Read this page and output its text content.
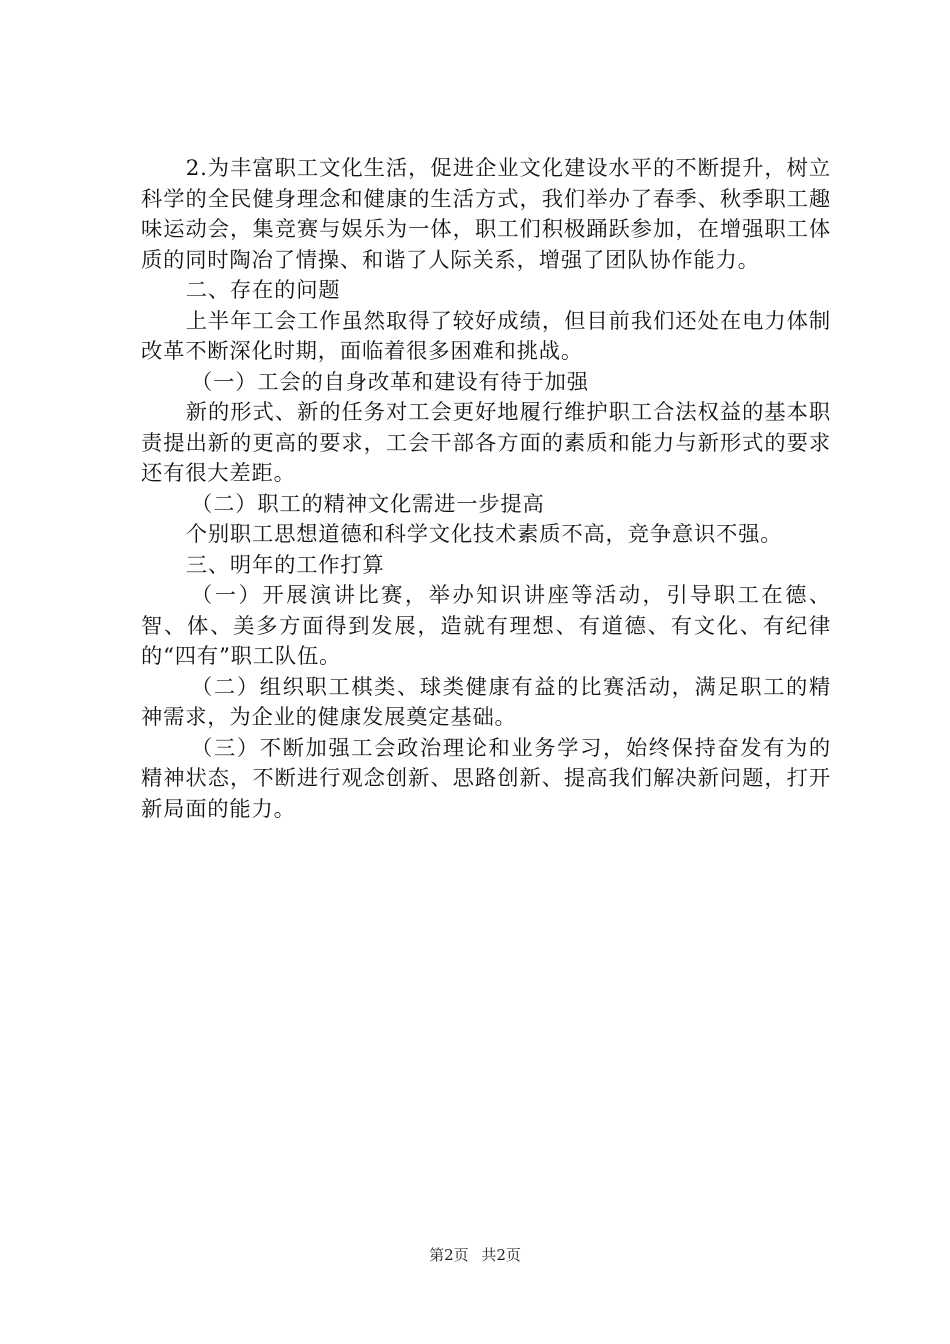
2.为丰富职工文化生活，促进企业文化建设水平的不断提升，树立科学的全民健身理念和健康的生活方式，我们举办了春季、秋季职工趣味运动会，集竞赛与娱乐为一体，职工们积极踊跃参加，在增强职工体质的同时陶冶了情操、和谐了人际关系，增强了团队协作能力。

二、存在的问题

上半年工会工作虽然取得了较好成绩，但目前我们还处在电力体制改革不断深化时期，面临着很多困难和挑战。

（一）工会的自身改革和建设有待于加强

新的形式、新的任务对工会更好地履行维护职工合法权益的基本职责提出新的更高的要求，工会干部各方面的素质和能力与新形式的要求还有很大差距。

（二）职工的精神文化需进一步提高

个别职工思想道德和科学文化技术素质不高，竞争意识不强。

三、明年的工作打算

（一）开展演讲比赛，举办知识讲座等活动，引导职工在德、智、体、美多方面得到发展，造就有理想、有道德、有文化、有纪律的“四有”职工队伍。

（二）组织职工棋类、球类健康有益的比赛活动，满足职工的精神需求，为企业的健康发展奠定基础。

（三）不断加强工会政治理论和业务学习，始终保持奋发有为的精神状态，不断进行观念创新、思路创新、提高我们解决新问题，打开新局面的能力。

第2页 共2页
